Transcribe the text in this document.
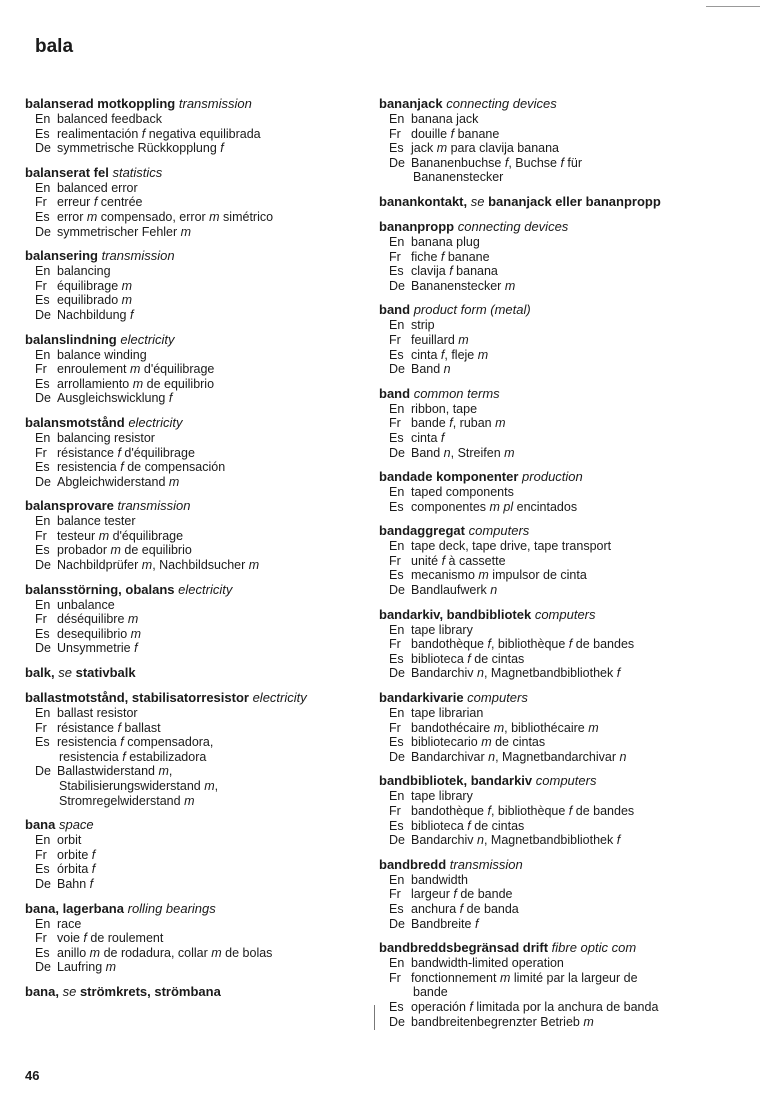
bala
balanserad motkoppling transmission
En balanced feedback
Es realimentación f negativa equilibrada
De symmetrische Rückkopplung f
balanserat fel statistics
En balanced error
Fr erreur f centrée
Es error m compensado, error m simétrico
De symmetrischer Fehler m
balansering transmission
En balancing
Fr équilibrage m
Es equilibrado m
De Nachbildung f
balanslindning electricity
En balance winding
Fr enroulement m d'équilibrage
Es arrollamiento m de equilibrio
De Ausgleichswicklung f
balansmotstånd electricity
En balancing resistor
Fr résistance f d'équilibrage
Es resistencia f de compensación
De Abgleichwiderstand m
balansprovare transmission
En balance tester
Fr testeur m d'équilibrage
Es probador m de equilibrio
De Nachbildprüfer m, Nachbildsucher m
balansstörning, obalans electricity
En unbalance
Fr déséquilibre m
Es desequilibrio m
De Unsymmetrie f
balk, se stativbalk
ballastmotstånd, stabilisatorresistor electricity
En ballast resistor
Fr résistance f ballast
Es resistencia f compensadora,
resistencia f estabilizadora
De Ballastwiderstand m,
Stabilisierungswiderstand m,
Stromregelwiderstand m
bana space
En orbit
Fr orbite f
Es órbita f
De Bahn f
bana, lagerbana rolling bearings
En race
Fr voie f de roulement
Es anillo m de rodadura, collar m de bolas
De Laufring m
bana, se strömkrets, strömbana
bananjack connecting devices
En banana jack
Fr douille f banane
Es jack m para clavija banana
De Bananenbuchse f, Buchse f für
Bananenstecker
banankontakt, se bananjack eller bananpropp
bananpropp connecting devices
En banana plug
Fr fiche f banane
Es clavija f banana
De Bananenstecker m
band product form (metal)
En strip
Fr feuillard m
Es cinta f, fleje m
De Band n
band common terms
En ribbon, tape
Fr bande f, ruban m
Es cinta f
De Band n, Streifen m
bandade komponenter production
En taped components
Es componentes m pl encintados
bandaggregat computers
En tape deck, tape drive, tape transport
Fr unité f à cassette
Es mecanismo m impulsor de cinta
De Bandlaufwerk n
bandarkiv, bandbibliotek computers
En tape library
Fr bandothèque f, bibliothèque f de bandes
Es biblioteca f de cintas
De Bandarchiv n, Magnetbandbibliothek f
bandarkivarie computers
En tape librarian
Fr bandothécaire m, bibliothécaire m
Es bibliotecario m de cintas
De Bandarchivar n, Magnetbandarchivar n
bandbibliotek, bandarkiv computers
En tape library
Fr bandothèque f, bibliothèque f de bandes
Es biblioteca f de cintas
De Bandarchiv n, Magnetbandbibliothek f
bandbredd transmission
En bandwidth
Fr largeur f de bande
Es anchura f de banda
De Bandbreite f
bandbreddsbegränsad drift fibre optic com
En bandwidth-limited operation
Fr fonctionnement m limité par la largeur de
bande
Es operación f limitada por la anchura de banda
De bandbreitenbegrenzter Betrieb m
46
